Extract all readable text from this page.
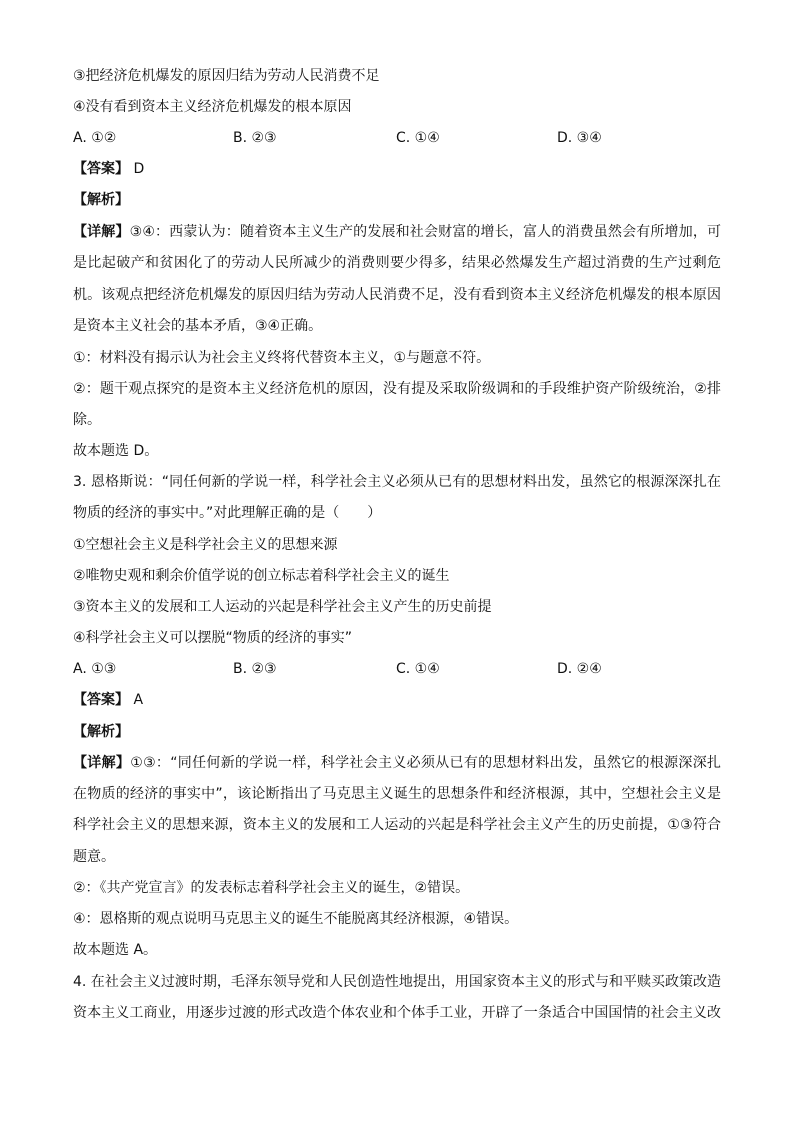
③把经济危机爆发的原因归结为劳动人民消费不足
④没有看到资本主义经济危机爆发的根本原因
A. ①②	B. ②③	C. ①④	D. ③④
【答案】 D
【解析】
【详解】③④：西蒙认为：随着资本主义生产的发展和社会财富的增长，富人的消费虽然会有所增加，可
是比起破产和贫困化了的劳动人民所减少的消费则要少得多，结果必然爆发生产超过消费的生产过剩危
机。该观点把经济危机爆发的原因归结为劳动人民消费不足，没有看到资本主义经济危机爆发的根本原因
是资本主义社会的基本矛盾，③④正确。
①：材料没有揭示认为社会主义终将代替资本主义，①与题意不符。
②：题干观点探究的是资本主义经济危机的原因，没有提及采取阶级调和的手段维护资产阶级统治，②排
除。
故本题选 D。
3. 恩格斯说：“同任何新的学说一样，科学社会主义必须从已有的思想材料出发，虽然它的根源深深扎在
物质的经济的事实中。”对此理解正确的是（　　）
①空想社会主义是科学社会主义的思想来源
②唯物史观和剩余价值学说的创立标志着科学社会主义的诞生
③资本主义的发展和工人运动的兴起是科学社会主义产生的历史前提
④科学社会主义可以摆脱“物质的经济的事实”
A. ①③	B. ②③	C. ①④	D. ②④
【答案】 A
【解析】
【详解】①③：“同任何新的学说一样，科学社会主义必须从已有的思想材料出发，虽然它的根源深深扎
在物质的经济的事实中”，该论断指出了马克思主义诞生的思想条件和经济根源，其中，空想社会主义是
科学社会主义的思想来源，资本主义的发展和工人运动的兴起是科学社会主义产生的历史前提，①③符合
题意。
②：《共产党宣言》的发表标志着科学社会主义的诞生，②错误。
④：恩格斯的观点说明马克思主义的诞生不能脱离其经济根源，④错误。
故本题选 A。
4. 在社会主义过渡时期，毛泽东领导党和人民创造性地提出，用国家资本主义的形式与和平赎买政策改造
资本主义工商业，用逐步过渡的形式改造个体农业和个体手工业，开辟了一条适合中国国情的社会主义改
